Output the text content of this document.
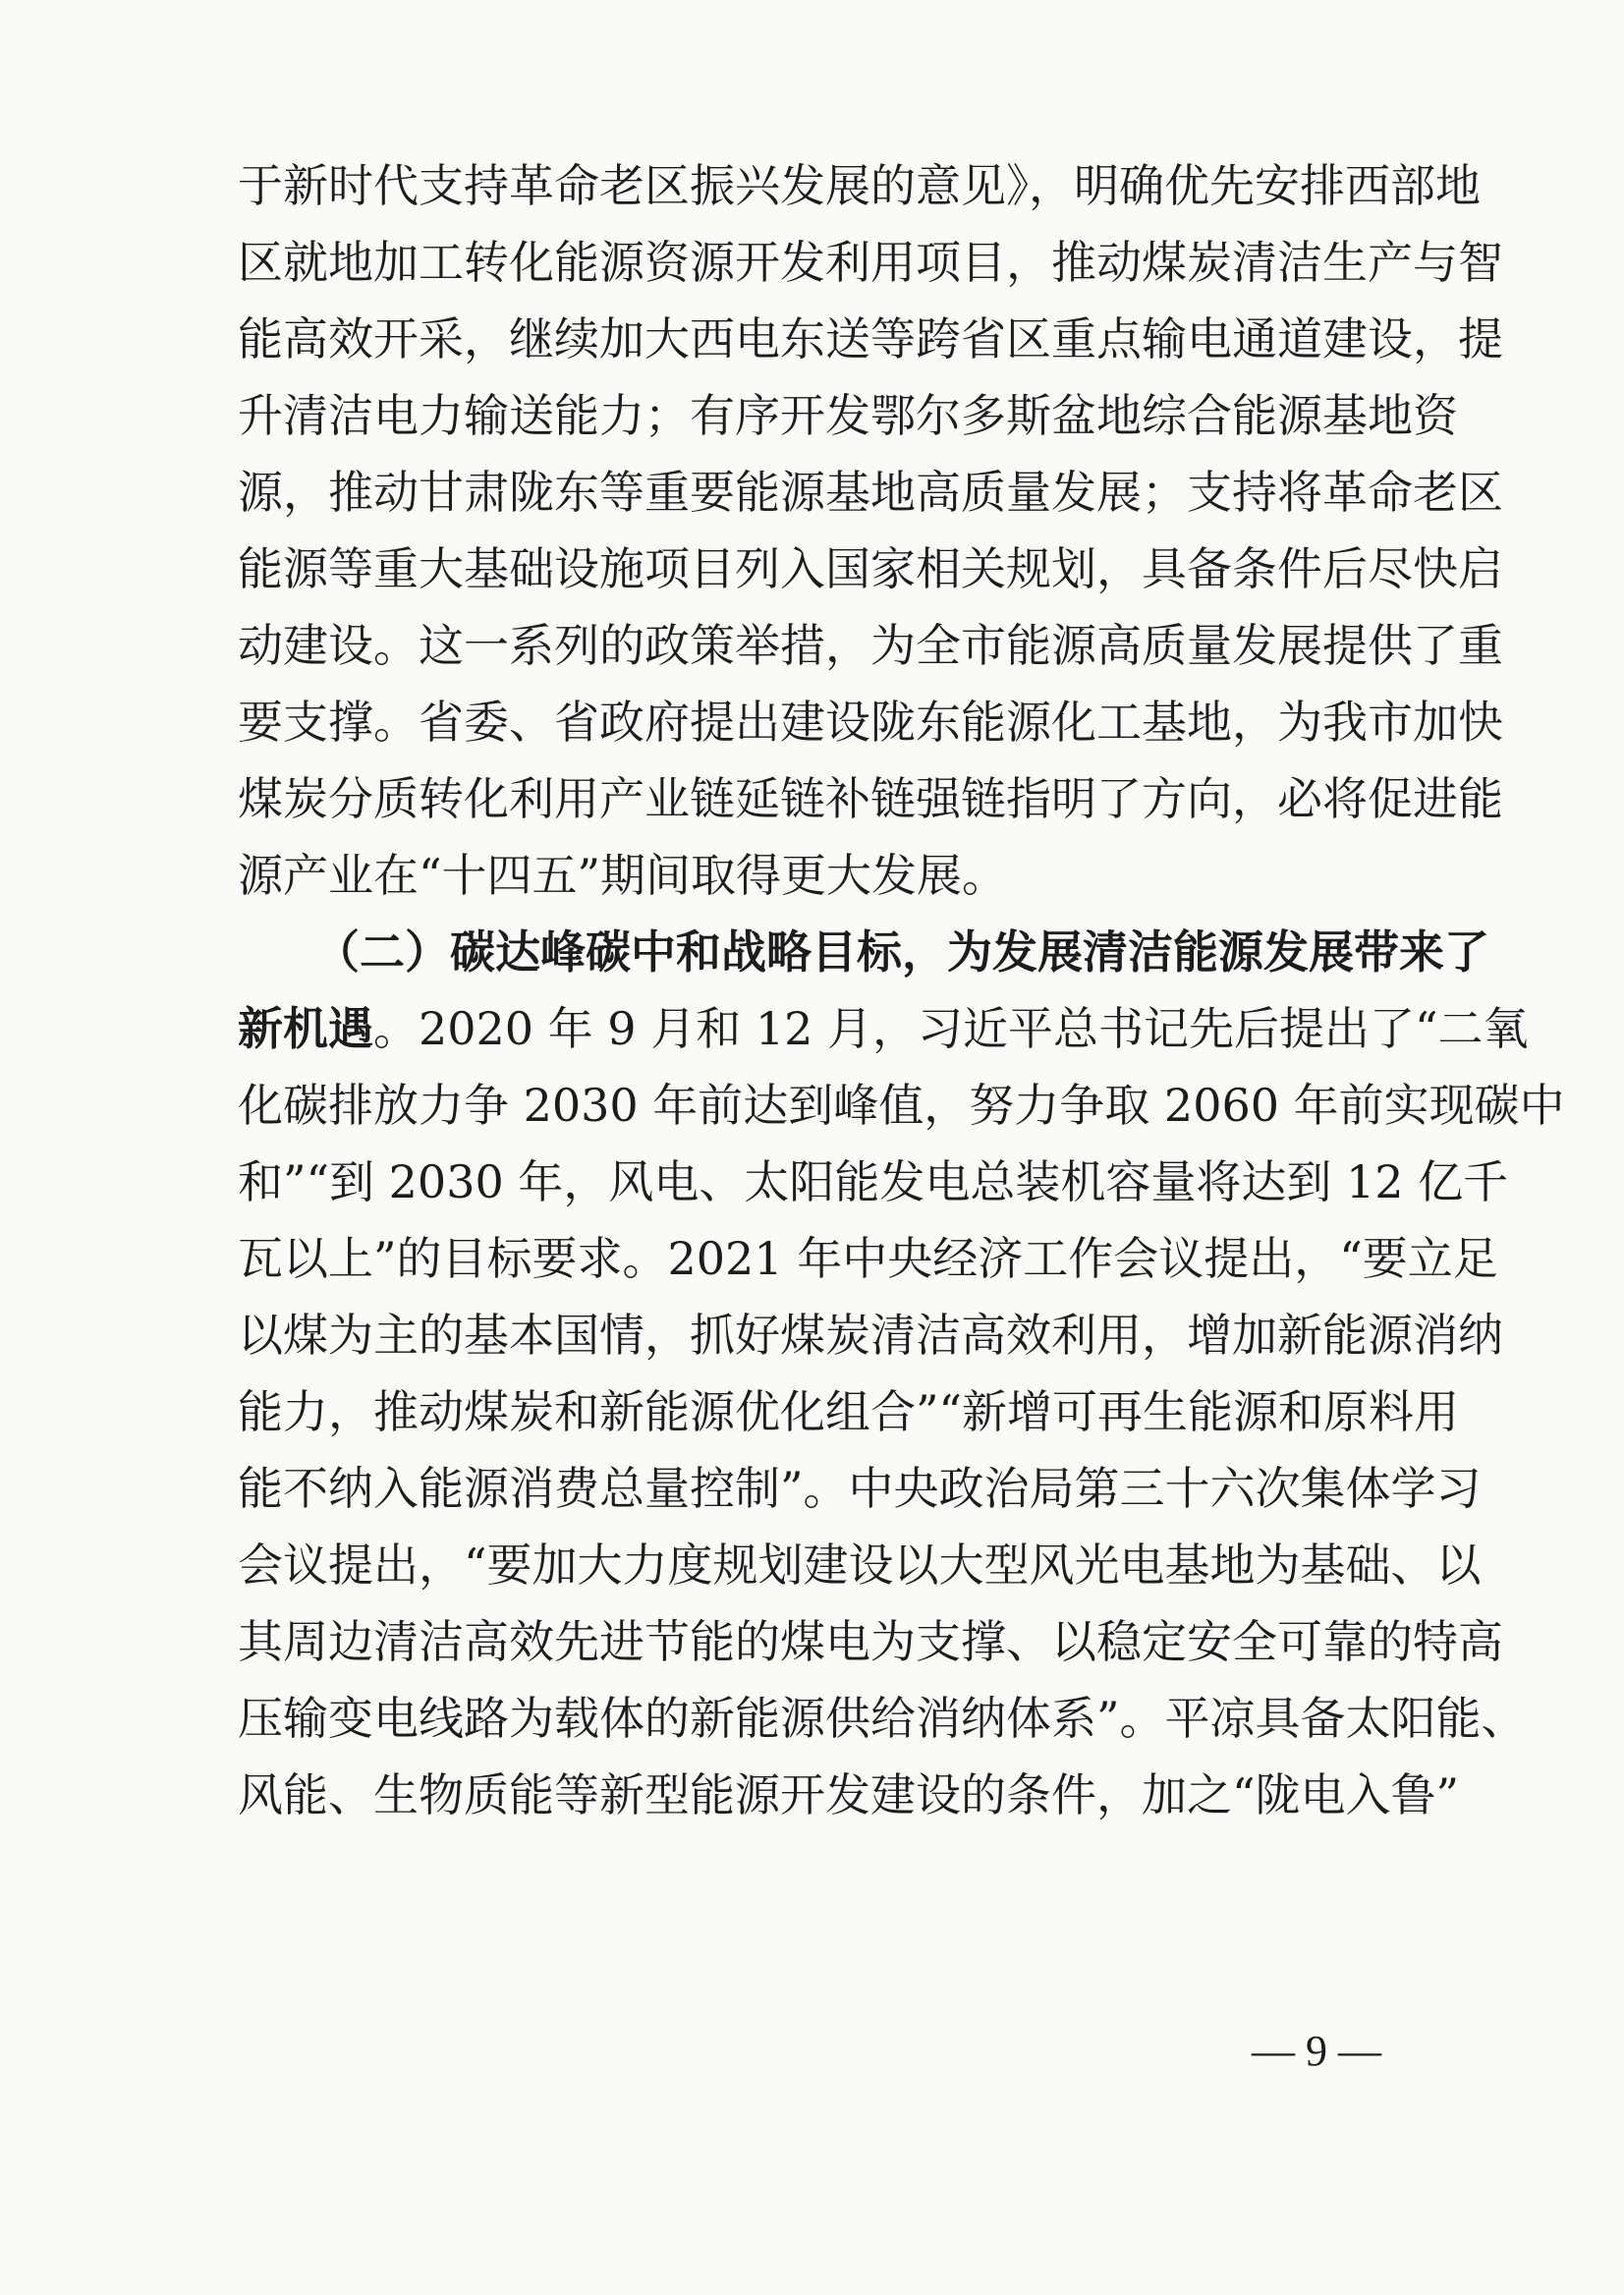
于新时代支持革命老区振兴发展的意见》，明确优先安排西部地
区就地加工转化能源资源开发利用项目，推动煤炭清洁生产与智
能高效开采，继续加大西电东送等跨省区重点输电通道建设，提
升清洁电力输送能力；有序开发鄂尔多斯盆地综合能源基地资
源，推动甘肃陇东等重要能源基地高质量发展；支持将革命老区
能源等重大基础设施项目列入国家相关规划，具备条件后尽快启
动建设。这一系列的政策举措，为全市能源高质量发展提供了重
要支撑。省委、省政府提出建设陇东能源化工基地，为我市加快
煤炭分质转化利用产业链延链补链强链指明了方向，必将促进能
源产业在“十四五”期间取得更大发展。
（二）碳达峰碳中和战略目标，为发展清洁能源发展带来了
新机遇。2020 年 9 月和 12 月，习近平总书记先后提出了“二氧
化碳排放力争 2030 年前达到峰值，努力争取 2060 年前实现碳中
和”“到 2030 年，风电、太阳能发电总装机容量将达到 12 亿千
瓦以上”的目标要求。2021 年中央经济工作会议提出，“要立足
以煤为主的基本国情，抓好煤炭清洁高效利用，增加新能源消纳
能力，推动煤炭和新能源优化组合”“新增可再生能源和原料用
能不纳入能源消费总量控制”。中央政治局第三十六次集体学习
会议提出，“要加大力度规划建设以大型风光电基地为基础、以
其周边清洁高效先进节能的煤电为支撑、以稳定安全可靠的特高
压输变电线路为载体的新能源供给消纳体系”。平凉具备太阳能、
风能、生物质能等新型能源开发建设的条件，加之“陇电入鲁”
— 9 —
